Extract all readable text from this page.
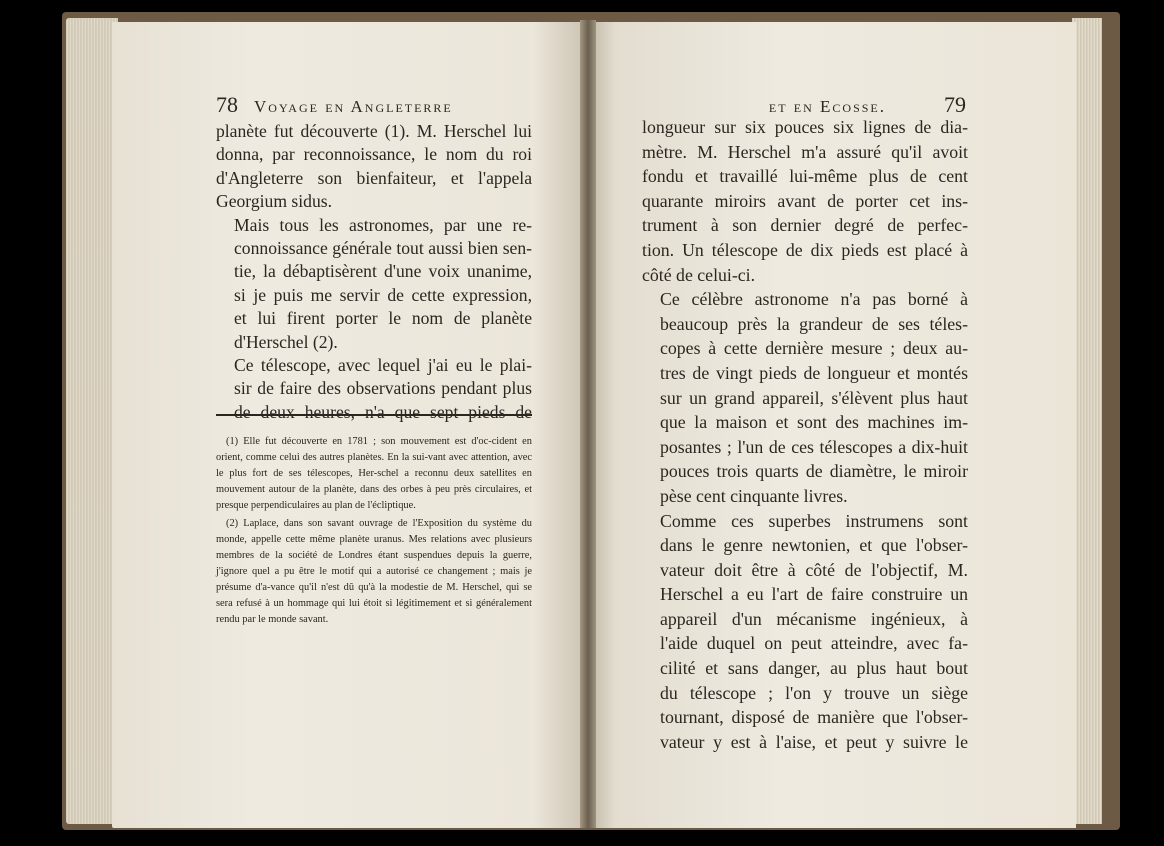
78 Voyage en Angleterre

planète fut découverte (1). M. Herschel lui
donna, par reconnoissance, le nom du roi
d'Angleterre son bienfaiteur, et l'appela
Georgium sidus.

Mais tous les astronomes, par une re-
connoissance générale tout aussi bien sen-
tie, la débaptisèrent d'une voix unanime,
si je puis me servir de cette expression,
et lui firent porter le nom de planète
d'Herschel (2).

Ce télescope, avec lequel j'ai eu le plai-
sir de faire des observations pendant plus
de deux heures, n'a que sept pieds de

(1) Elle fut découverte en 1781 ; son mouvement est d'oc-cident en orient, comme celui des autres planètes. En la sui-vant avec attention, avec le plus fort de ses télescopes, Her-schel a reconnu deux satellites en mouvement autour de la planète, dans des orbes à peu près circulaires, et presque perpendiculaires au plan de l'écliptique.

(2) Laplace, dans son savant ouvrage de l'Exposition du système du monde, appelle cette même planète uranus. Mes relations avec plusieurs membres de la société de Londres étant suspendues depuis la guerre, j'ignore quel a pu être le motif qui a autorisé ce changement ; mais je présume d'a-vance qu'il n'est dû qu'à la modestie de M. Herschel, qui se sera refusé à un hommage qui lui étoit si légitimement et si généralement rendu par le monde savant.

et en Ecosse.	79

longueur sur six pouces six lignes de dia-
mètre. M. Herschel m'a assuré qu'il avoit
fondu et travaillé lui-même plus de cent
quarante miroirs avant de porter cet ins-
trument à son dernier degré de perfec-
tion. Un télescope de dix pieds est placé à
côté de celui-ci.

Ce célèbre astronome n'a pas borné à
beaucoup près la grandeur de ses téles-
copes à cette dernière mesure ; deux au-
tres de vingt pieds de longueur et montés
sur un grand appareil, s'élèvent plus haut
que la maison et sont des machines im-
posantes ; l'un de ces télescopes a dix-huit
pouces trois quarts de diamètre, le miroir
pèse cent cinquante livres.

Comme ces superbes instrumens sont
dans le genre newtonien, et que l'obser-
vateur doit être à côté de l'objectif, M.
Herschel a eu l'art de faire construire un
appareil d'un mécanisme ingénieux, à
l'aide duquel on peut atteindre, avec fa-
cilité et sans danger, au plus haut bout
du télescope ; l'on y trouve un siège
tournant, disposé de manière que l'obser-
vateur y est à l'aise, et peut y suivre le
